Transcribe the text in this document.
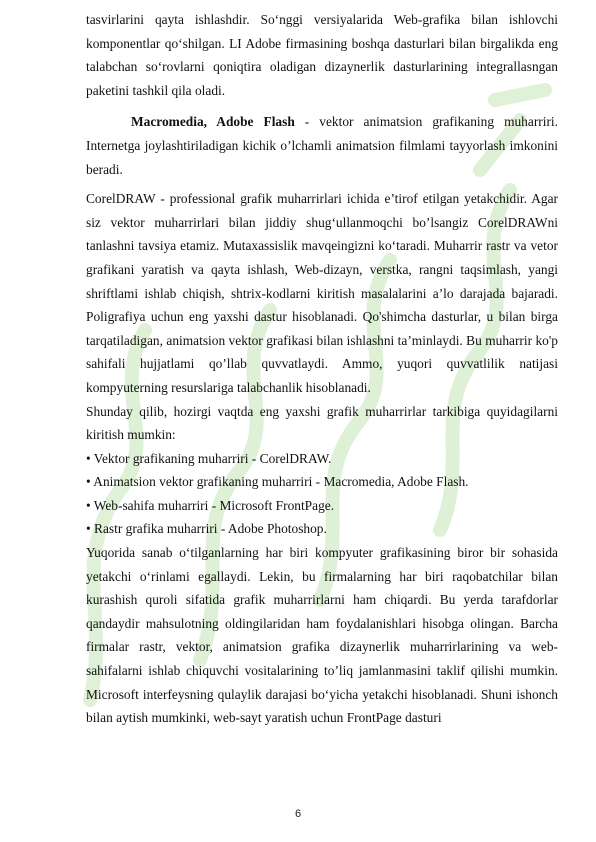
tasvirlarini qayta ishlashdir. So‘nggi versiyalarida Web-grafika bilan ishlovchi komponentlar qo‘shilgan. LI Adobe firmasining boshqa dasturlari bilan birgalikda eng talabchan so‘rovlarni qoniqtira oladigan dizaynerlik dasturlarining integrallasngan paketini tashkil qila oladi.

Macromedia, Adobe Flash - vektor animatsion grafikaning muharriri. Internetga joylashtiriladigan kichik o’lchamli animatsion filmlami tayyorlash imkonini beradi.

CorelDRAW - professional grafik muharrirlari ichida e’tirof etilgan yetakchidir. Agar siz vektor muharrirlari bilan jiddiy shug‘ullanmoqchi bo’lsangiz CorelDRAWni tanlashni tavsiya etamiz. Mutaxassislik mavqeingizni ko‘taradi. Muharrir rastr va vetor grafikani yaratish va qayta ishlash, Web-dizayn, verstka, rangni taqsimlash, yangi shriftlami ishlab chiqish, shtrix-kodlarni kiritish masalalarini a’lo darajada bajaradi. Poligrafiya uchun eng yaxshi dastur hisoblanadi. Qo'shimcha dasturlar, u bilan birga tarqatiladigan, animatsion vektor grafikasi bilan ishlashni ta’minlaydi. Bu muharrir ko'p sahifali hujjatlami qo’llab quvvatlaydi. Ammo, yuqori quvvatlilik natijasi kompyuterning resurslariga talabchanlik hisoblanadi.

Shunday qilib, hozirgi vaqtda eng yaxshi grafik muharrirlar tarkibiga quyidagilarni kiritish mumkin:

• Vektor grafikaning muharriri - CorelDRAW.

• Animatsion vektor grafikaning muharriri - Macromedia, Adobe Flash.

• Web-sahifa muharriri - Microsoft FrontPage.

• Rastr grafika muharriri - Adobe Photoshop.

Yuqorida sanab o‘tilganlarning har biri kompyuter grafikasining biror bir sohasida yetakchi o‘rinlami egallaydi. Lekin, bu firmalarning har biri raqobatchilar bilan kurashish quroli sifatida grafik muharrirlarni ham chiqardi. Bu yerda tarafdorlar qandaydir mahsulotning oldingilaridan ham foydalanishlari hisobga olingan. Barcha firmalar rastr, vektor, animatsion grafika dizaynerlik muharrirlarining va web-sahifalarni ishlab chiquvchi vositalarining to’liq jamlanmasini taklif qilishi mumkin. Microsoft interfeysning qulaylik darajasi bo‘yicha yetakchi hisoblanadi. Shuni ishonch bilan aytish mumkinki, web-sayt yaratish uchun FrontPage dasturi

6
